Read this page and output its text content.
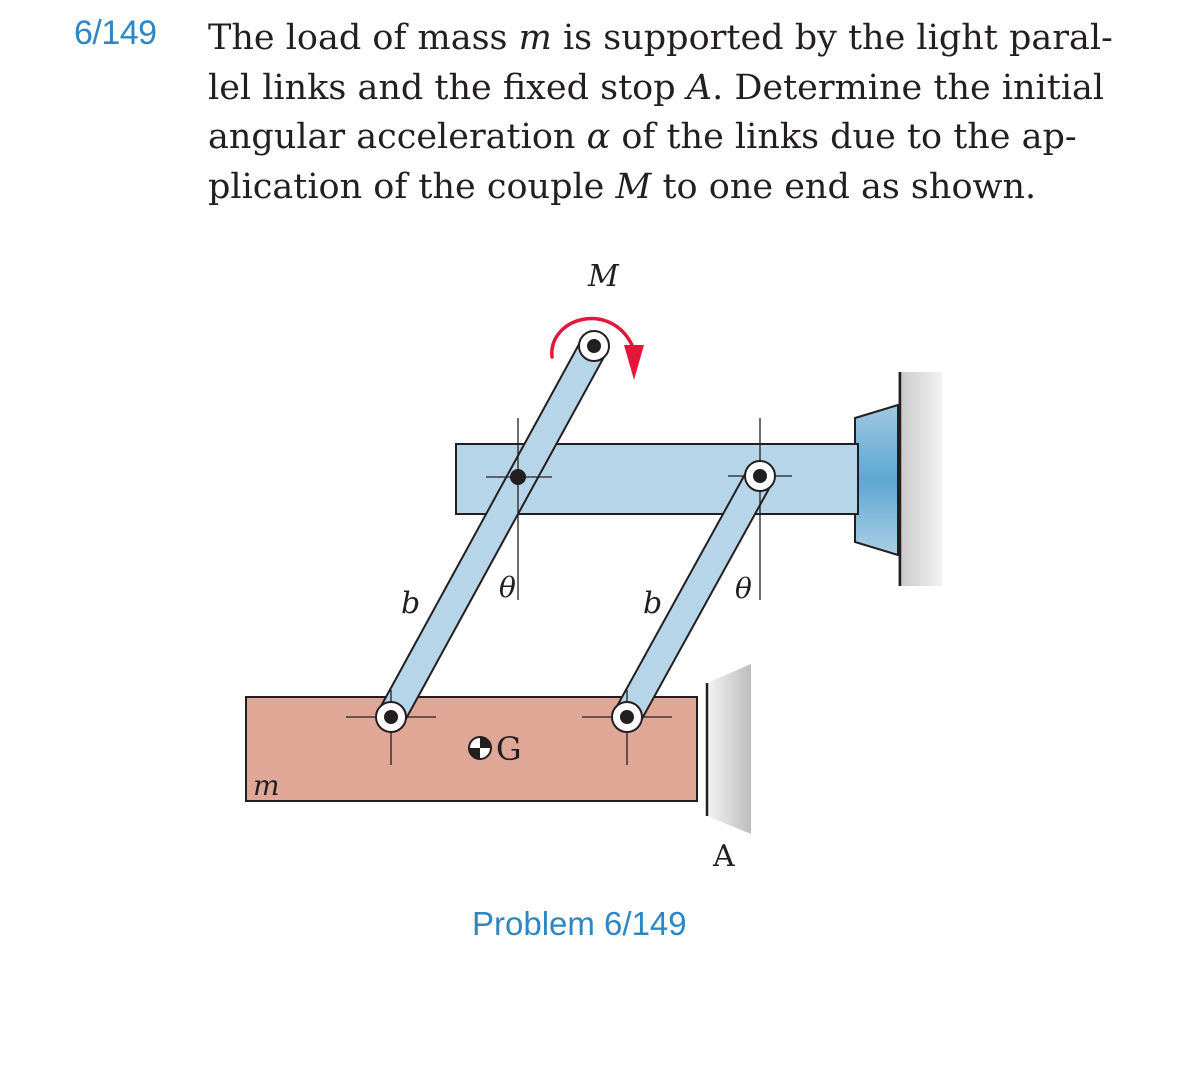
6/149 The load of mass m is supported by the light paral-
lel links and the fixed stop A. Determine the initial
angular acceleration α of the links due to the ap-
plication of the couple M to one end as shown.

M
b	b
θ	θ
G
m
A
Problem 6/149
